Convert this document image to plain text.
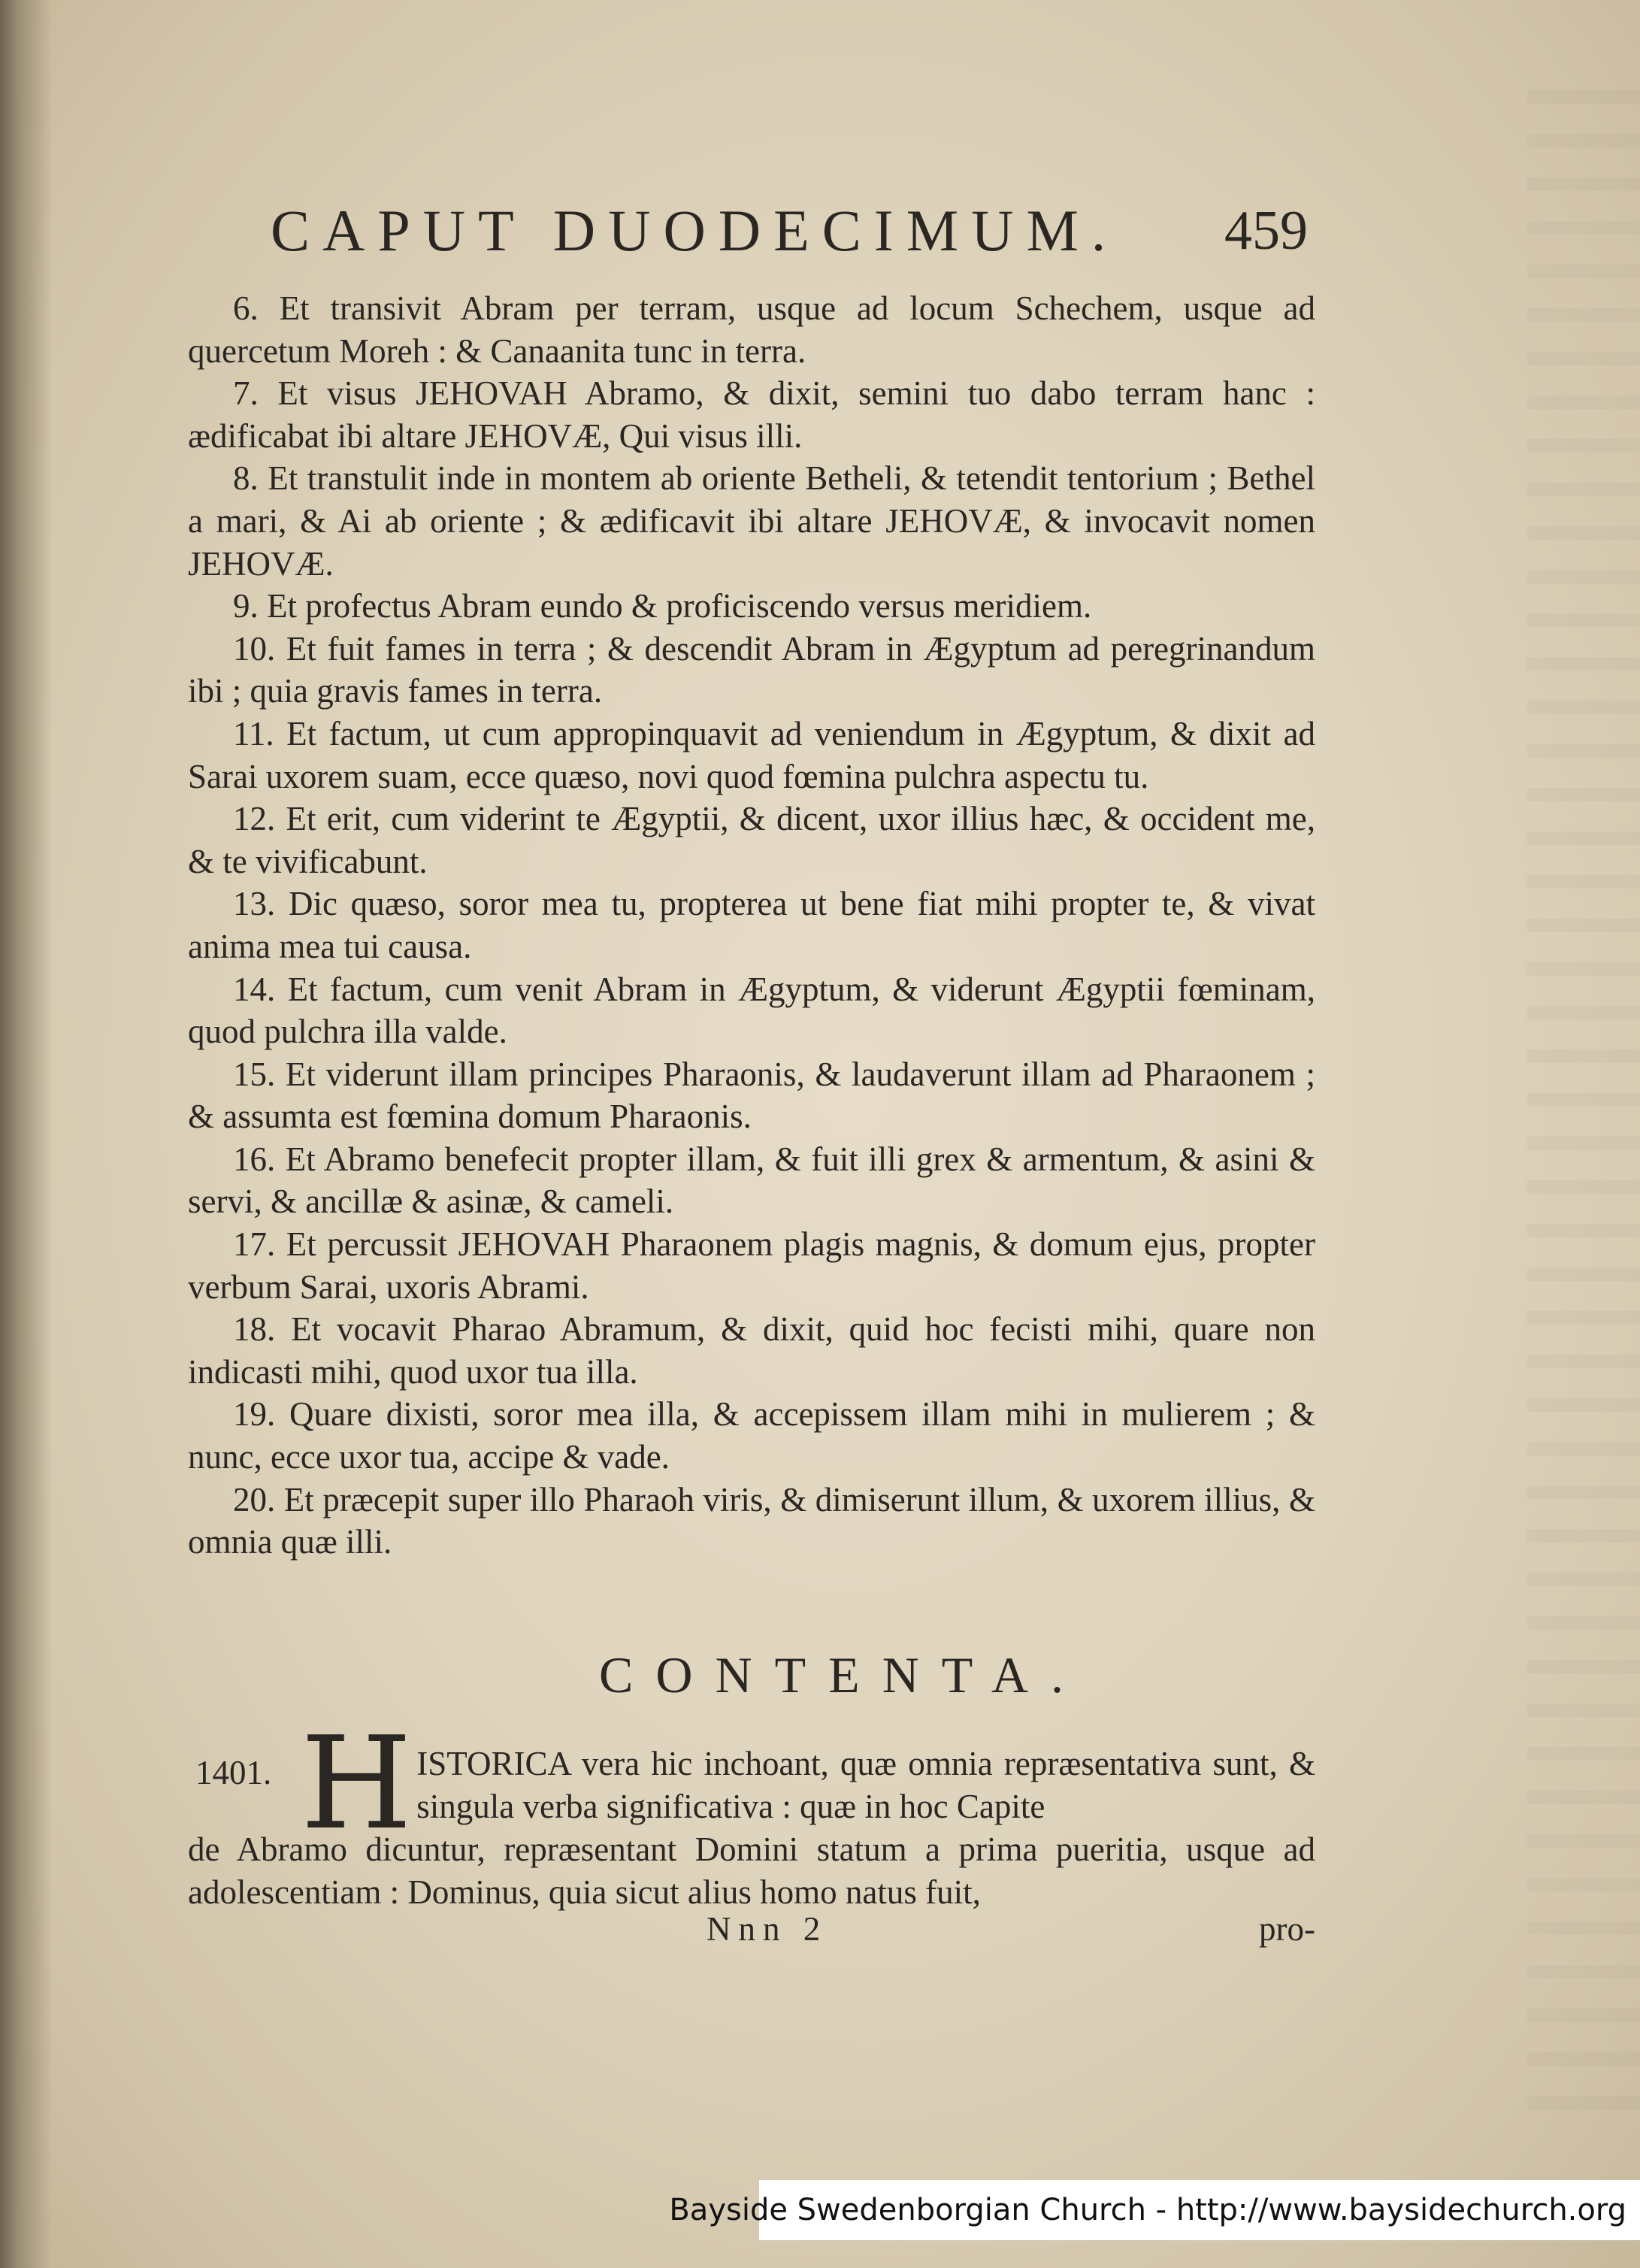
CAPUT DUODECIMUM. 459

6. Et transivit Abram per terram, usque ad locum Schechem, usque ad quercetum Moreh : & Canaanita tunc in terra.

7. Et visus JEHOVAH Abramo, & dixit, semini tuo dabo terram hanc : ædificabat ibi altare JEHOVÆ, Qui visus illi.

8. Et transtulit inde in montem ab oriente Betheli, & tetendit tentorium ; Bethel a mari, & Ai ab oriente ; & ædificavit ibi altare JEHOVÆ, & invocavit nomen JEHOVÆ.

9. Et profectus Abram eundo & proficiscendo versus meridiem.

10. Et fuit fames in terra ; & descendit Abram in Ægyptum ad peregrinandum ibi ; quia gravis fames in terra.

11. Et factum, ut cum appropinquavit ad veniendum in Ægyptum, & dixit ad Sarai uxorem suam, ecce quæso, novi quod fœmina pulchra aspectu tu.

12. Et erit, cum viderint te Ægyptii, & dicent, uxor illius hæc, & occident me, & te vivificabunt.

13. Dic quæso, soror mea tu, propterea ut bene fiat mihi propter te, & vivat anima mea tui causa.

14. Et factum, cum venit Abram in Ægyptum, & viderunt Ægyptii fœminam, quod pulchra illa valde.

15. Et viderunt illam principes Pharaonis, & laudaverunt illam ad Pharaonem ; & assumta est fœmina domum Pharaonis.

16. Et Abramo benefecit propter illam, & fuit illi grex & armentum, & asini & servi, & ancillæ & asinæ, & cameli.

17. Et percussit JEHOVAH Pharaonem plagis magnis, & domum ejus, propter verbum Sarai, uxoris Abrami.

18. Et vocavit Pharao Abramum, & dixit, quid hoc fecisti mihi, quare non indicasti mihi, quod uxor tua illa.

19. Quare dixisti, soror mea illa, & accepissem illam mihi in mulierem ; & nunc, ecce uxor tua, accipe & vade.

20. Et præcepit super illo Pharaoh viris, & dimiserunt illum, & uxorem illius, & omnia quæ illi.

CONTENTA.
1401. H ISTORICA vera hic inchoant, quæ omnia repræsentativa sunt, & singula verba significativa : quæ in hoc Capite
de Abramo dicuntur, repræsentant Domini statum a prima pueritia, usque ad adolescentiam : Dominus, quia sicut alius homo natus fuit,
Nnn 2	pro-
Bayside Swedenborgian Church - http://www.baysidechurch.org
